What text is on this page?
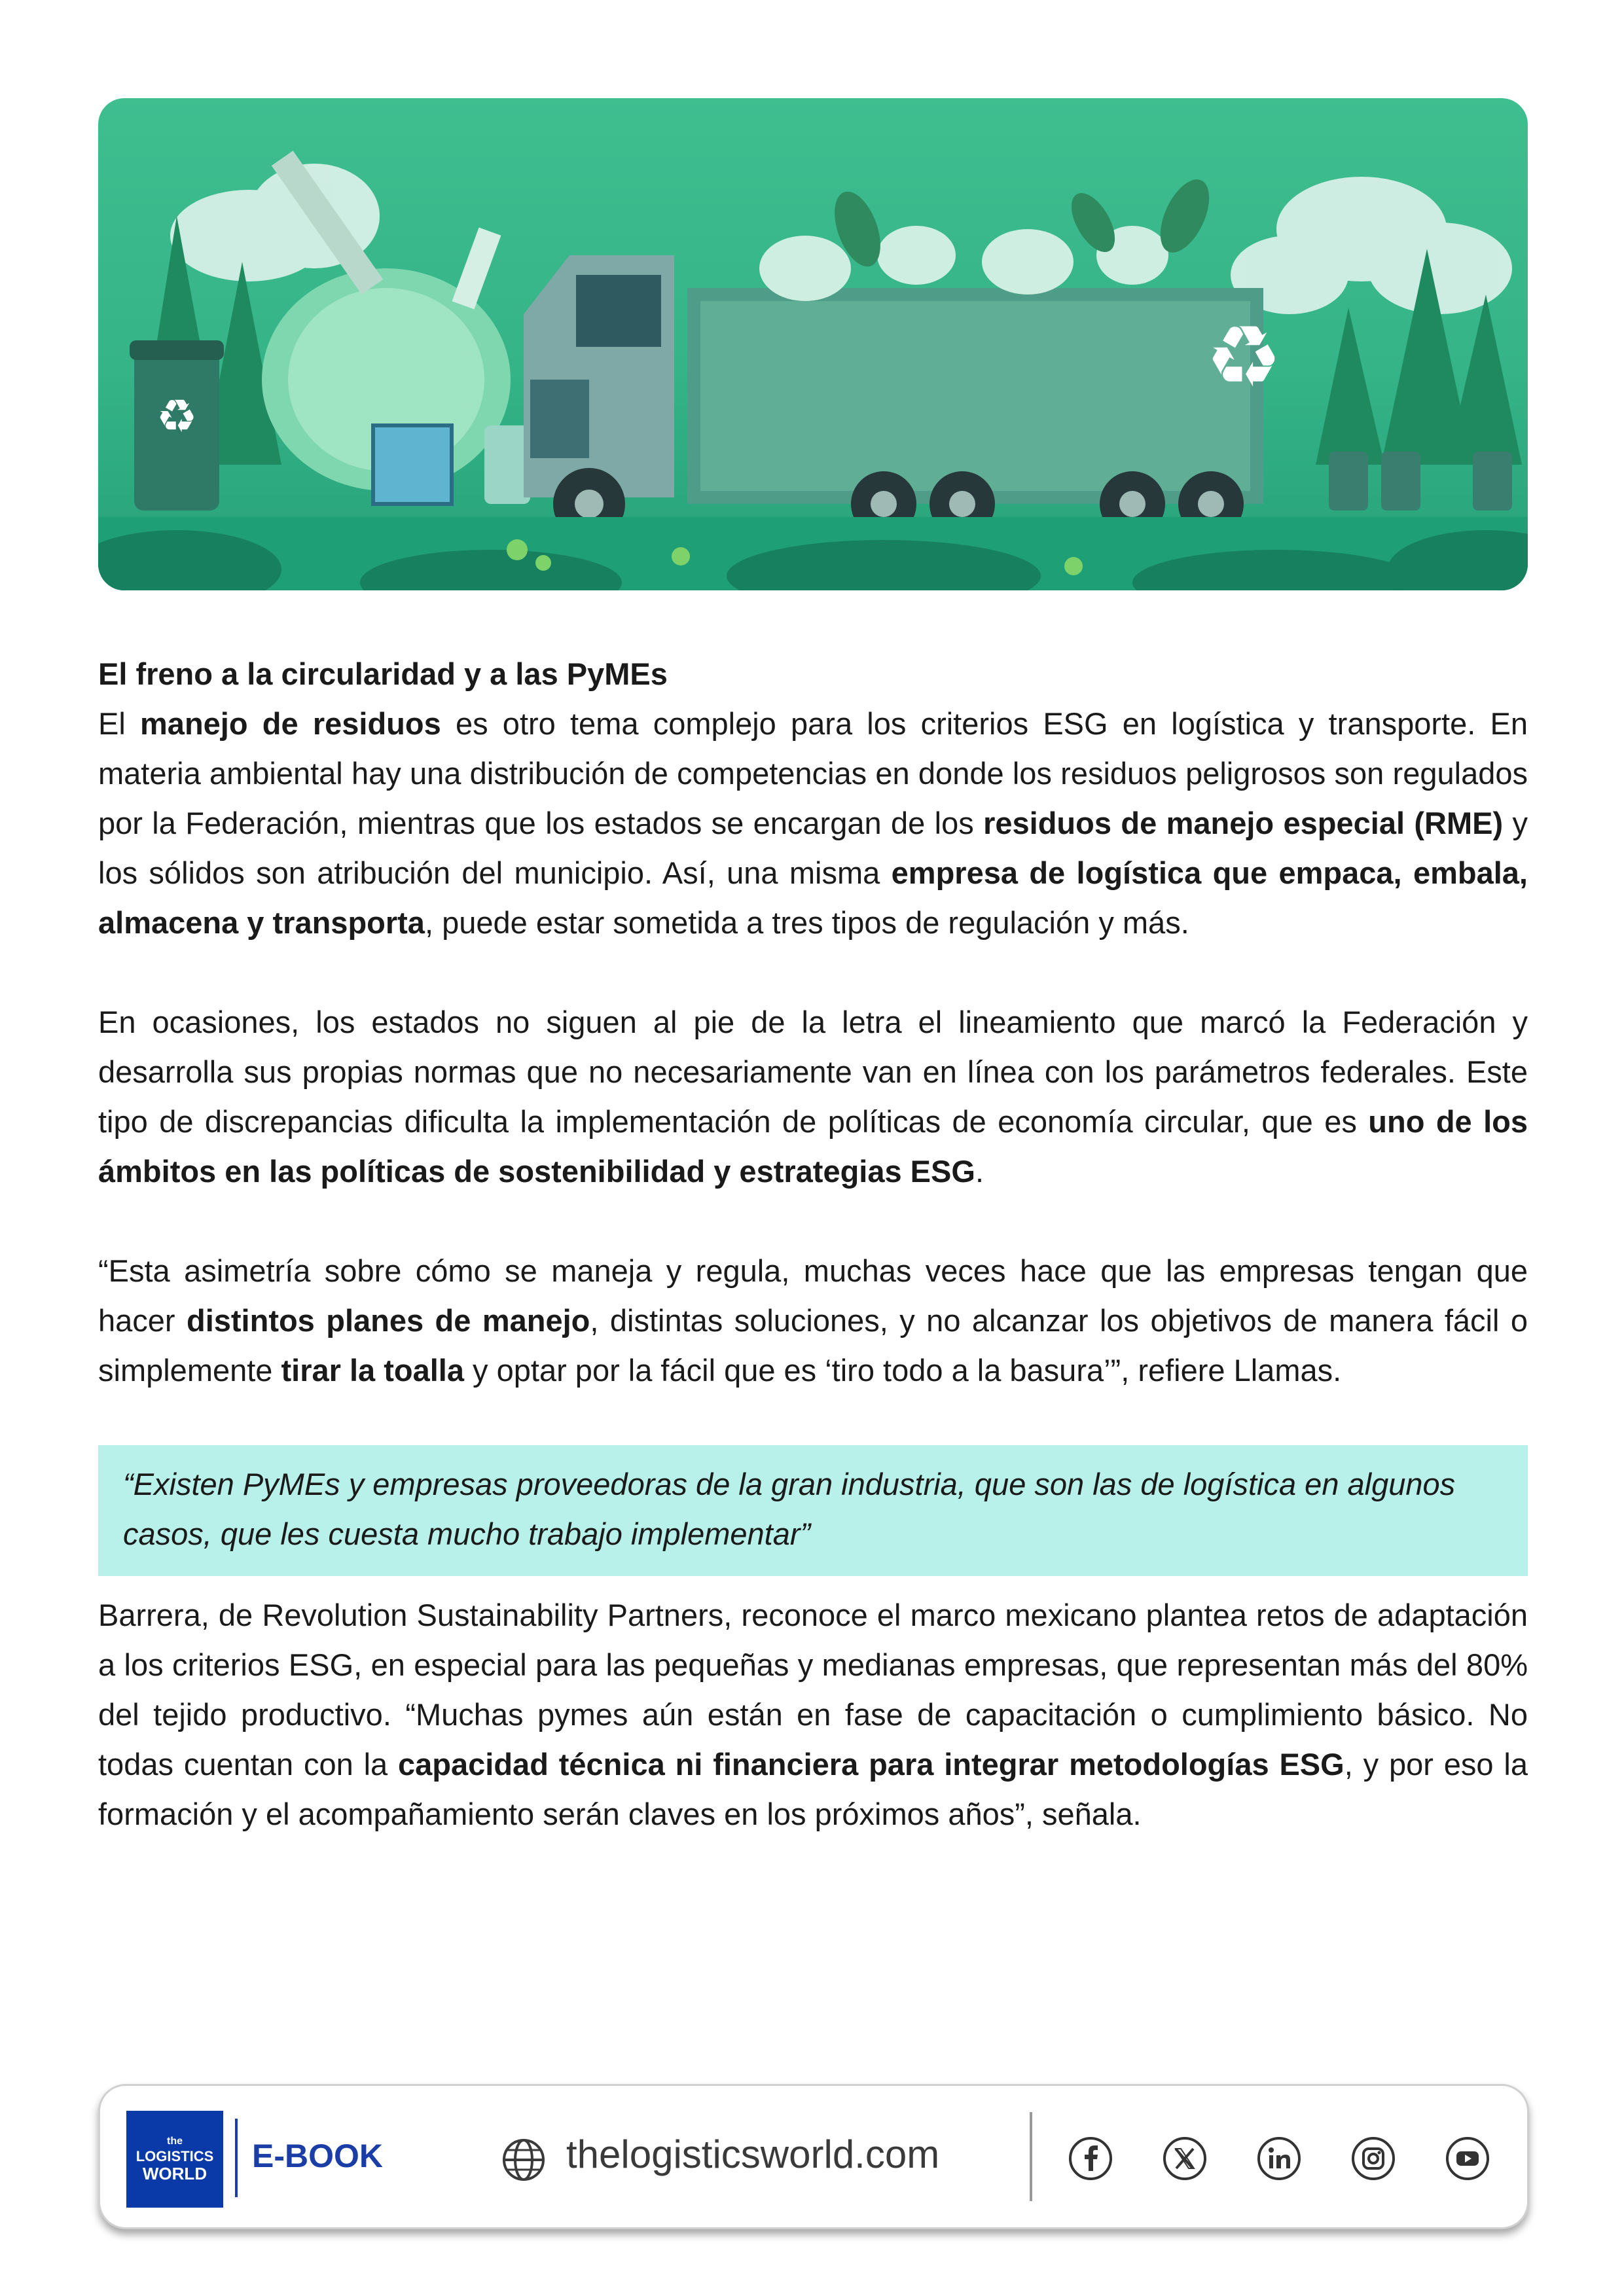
♻
♻

El freno a la circularidad y a las PyMEs

El manejo de residuos es otro tema complejo para los criterios ESG en logística y transporte. En materia ambiental hay una distribución de competencias en donde los residuos peligrosos son regulados por la Federación, mientras que los estados se encargan de los residuos de manejo especial (RME) y los sólidos son atribución del municipio. Así, una misma empresa de logística que empaca, embala, almacena y transporta, puede estar sometida a tres tipos de regulación y más.

En ocasiones, los estados no siguen al pie de la letra el lineamiento que marcó la Federación y desarrolla sus propias normas que no necesariamente van en línea con los parámetros federales. Este tipo de discrepancias dificulta la implementación de políticas de economía circular, que es uno de los ámbitos en las políticas de sostenibilidad y estrategias ESG.

“Esta asimetría sobre cómo se maneja y regula, muchas veces hace que las empresas tengan que hacer distintos planes de manejo, distintas soluciones, y no alcanzar los objetivos de manera fácil o simplemente tirar la toalla y optar por la fácil que es ‘tiro todo a la basura’”, refiere Llamas.

“Existen PyMEs y empresas proveedoras de la gran industria, que son las de logística en algunos casos, que les cuesta mucho trabajo implementar”

Barrera, de Revolution Sustainability Partners, reconoce el marco mexicano plantea retos de adaptación a los criterios ESG, en especial para las pequeñas y medianas empresas, que representan más del 80% del tejido productivo. “Muchas pymes aún están en fase de capacitación o cumplimiento básico. No todas cuentan con la capacidad técnica ni financiera para integrar metodologías ESG, y por eso la formación y el acompañamiento serán claves en los próximos años”, señala.

the
LOGISTICS
WORLD E-BOOK	thelogisticsworld.com
